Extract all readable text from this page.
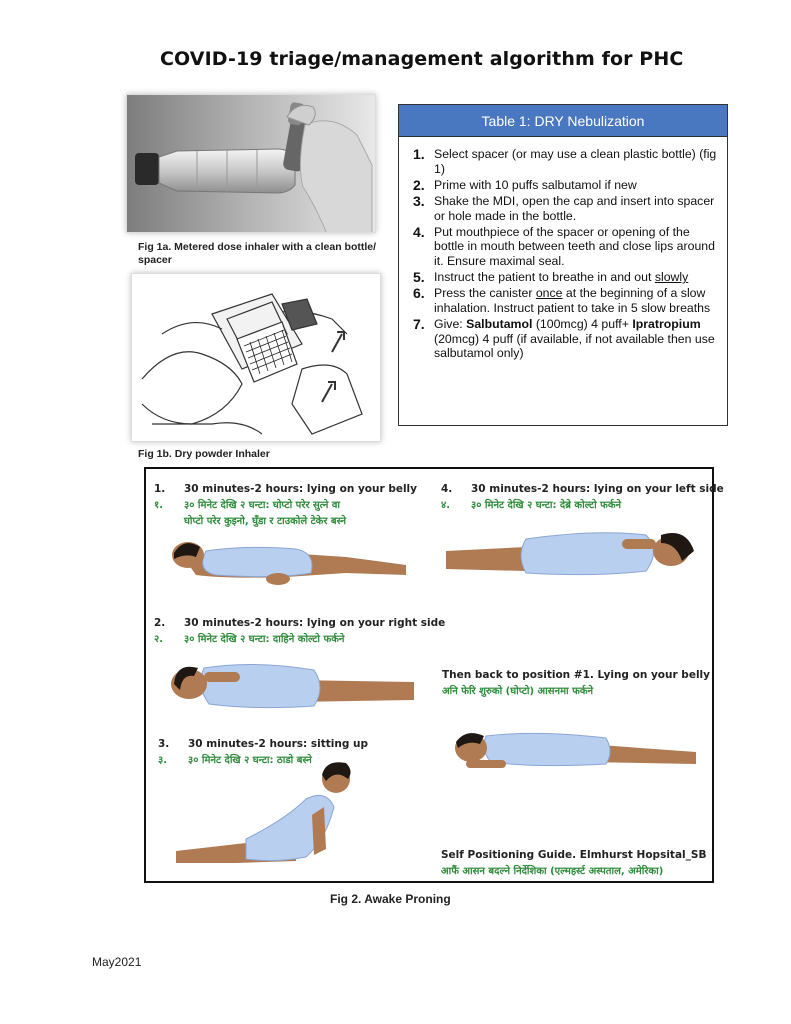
COVID-19 triage/management algorithm for PHC
Fig 1a. Metered dose inhaler with a clean bottle/ spacer
Fig 1b. Dry powder Inhaler
Table 1: DRY Nebulization
1. Select spacer (or may use a clean plastic bottle) (fig 1)
2. Prime with 10 puffs salbutamol if new
3. Shake the MDI, open the cap and insert into spacer or hole made in the bottle.
4. Put mouthpiece of the spacer or opening of the bottle in mouth between teeth and close lips around it. Ensure maximal seal.
5. Instruct the patient to breathe in and out slowly
6. Press the canister once at the beginning of a slow inhalation. Instruct patient to take in 5 slow breaths
7. Give: Salbutamol (100mcg) 4 puff+ Ipratropium (20mcg) 4 puff (if available, if not available then use salbutamol only)
1. 30 minutes-2 hours: lying on your belly
१. ३० मिनेट देखि २ घन्टा: घोप्टो परेर सुत्ने वा
घोप्टो परेर कुइनो, घुँडा र टाउकोले टेकेर बस्ने
4. 30 minutes-2 hours: lying on your left side
४. ३० मिनेट देखि २ घन्टा: देब्रे कोल्टो फर्कने
2. 30 minutes-2 hours: lying on your right side
२. ३० मिनेट देखि २ घन्टा: दाहिने कोल्टो फर्कने
3. 30 minutes-2 hours: sitting up
३. ३० मिनेट देखि २ घन्टा: ठाडो बस्ने
Then back to position #1. Lying on your belly
अनि फेरि शुरुको (घोप्टो) आसनमा फर्कने
Self Positioning Guide. Elmhurst Hopsital_SB
आफैं आसन बदल्ने निर्देशिका (एल्महर्स्ट अस्पताल, अमेरिका)
Fig 2. Awake Proning
May2021
